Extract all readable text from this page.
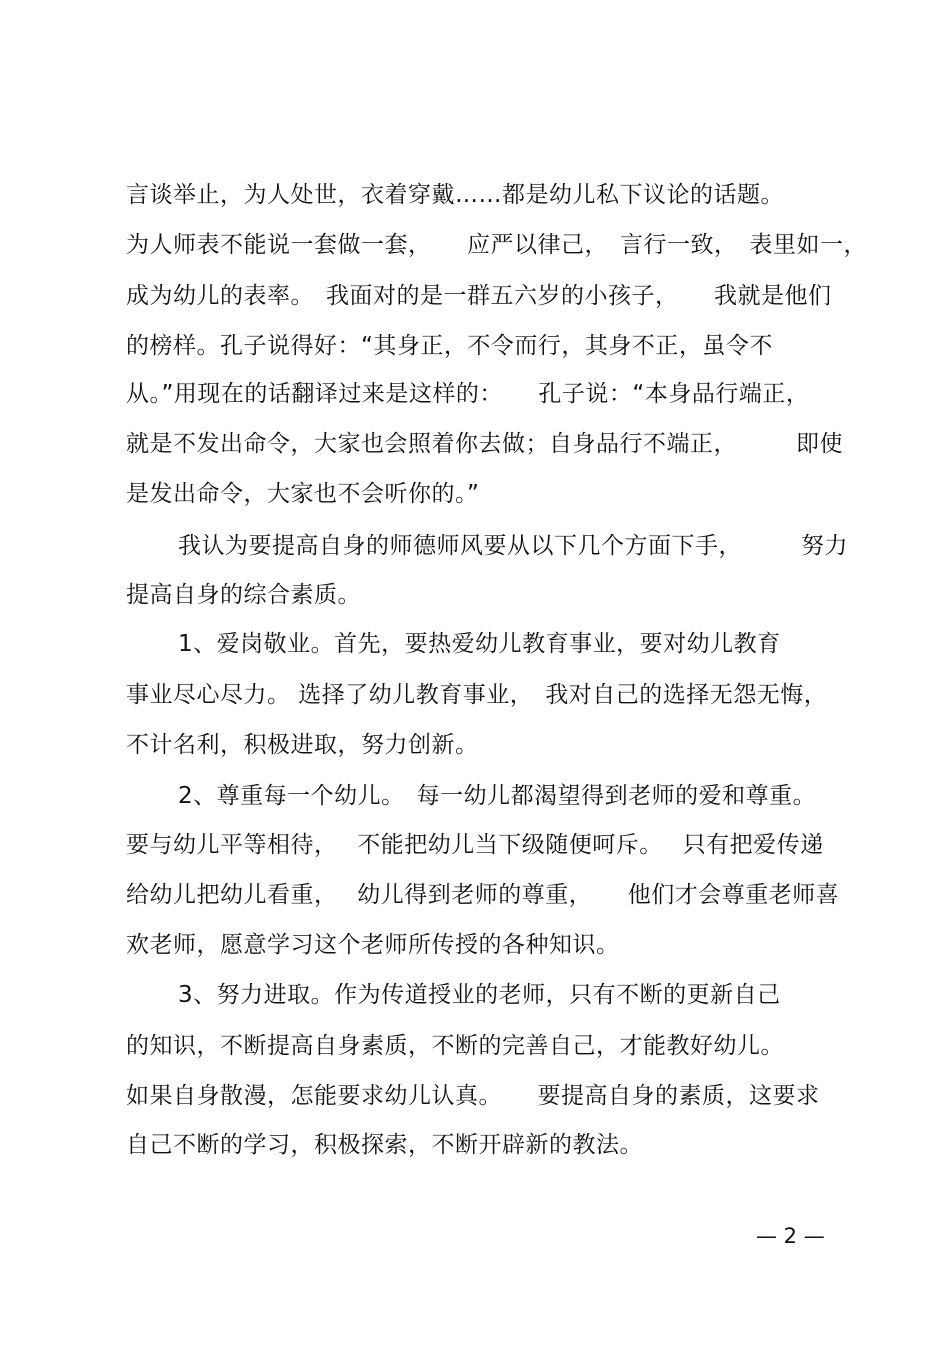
言谈举止，为人处世，衣着穿戴……都是幼儿私下议论的话题。
为人师表不能说一套做一套，　　应严以律己，　言行一致，　表里如一，
成为幼儿的表率。　我面对的是一群五六岁的小孩子，　　我就是他们
的榜样。孔子说得好：“其身正，不令而行，其身不正，虽令不
从。”用现在的话翻译过来是这样的：　　孔子说：“本身品行端正，
就是不发出命令，大家也会照着你去做；自身品行不端正，　　　即使
是发出命令，大家也不会听你的。”
我认为要提高自身的师德师风要从以下几个方面下手，　　　努力
提高自身的综合素质。
1、爱岗敬业。首先，要热爱幼儿教育事业，要对幼儿教育
事业尽心尽力。 选择了幼儿教育事业，　我对自己的选择无怨无悔，
不计名利，积极进取，努力创新。
2、尊重每一个幼儿。　每一幼儿都渴望得到老师的爱和尊重。
要与幼儿平等相待，　 不能把幼儿当下级随便呵斥。　 只有把爱传递
给幼儿把幼儿看重，　 幼儿得到老师的尊重，　　他们才会尊重老师喜
欢老师，愿意学习这个老师所传授的各种知识。
3、努力进取。作为传道授业的老师，只有不断的更新自己
的知识，不断提高自身素质，不断的完善自己，才能教好幼儿。
如果自身散漫，怎能要求幼儿认真。　　要提高自身的素质，这要求
自己不断的学习，积极探索，不断开辟新的教法。
— 2 —
